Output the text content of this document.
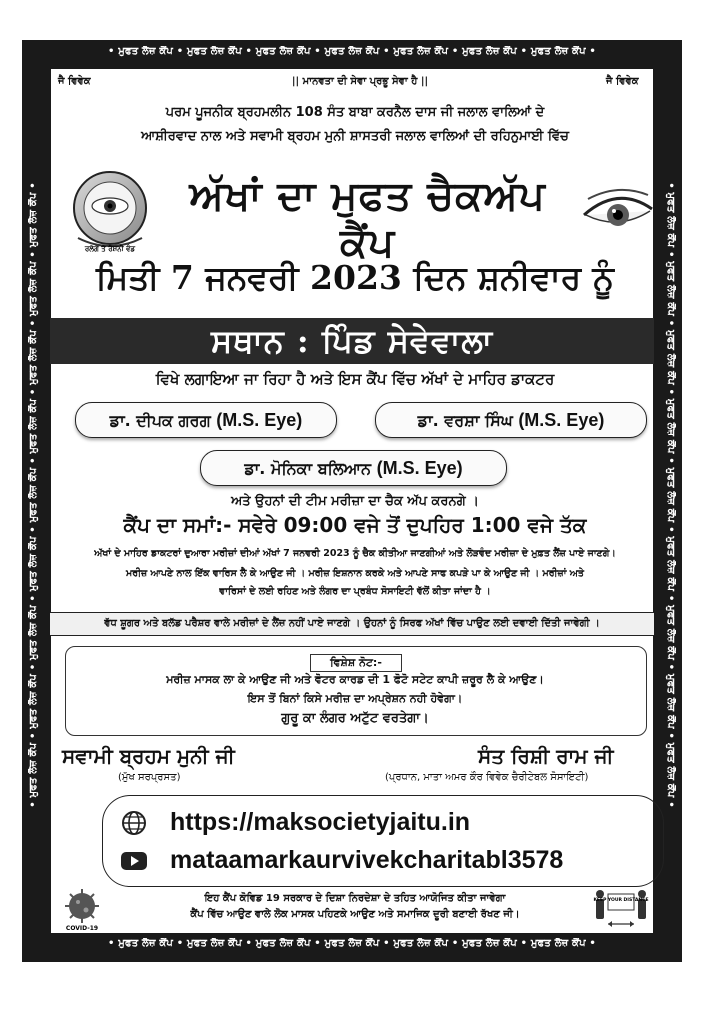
• ਮੁਫਤ ਲੈਜ਼ ਕੈਂਪ • ਮੁਫਤ ਲੈਜ਼ ਕੈਂਪ • ਮੁਫਤ ਲੈਜ਼ ਕੈਂਪ • ਮੁਫਤ ਲੈਜ਼ ਕੈਂਪ • ਮੁਫਤ ਲੈਜ਼ ਕੈਂਪ • ਮੁਫਤ ਲੈਜ਼ ਕੈਂਪ • ਮੁਫਤ ਲੈਜ਼ ਕੈਂਪ •
• ਮੁਫਤ ਲੈਜ਼ ਕੈਂਪ • ਮੁਫਤ ਲੈਜ਼ ਕੈਂਪ • ਮੁਫਤ ਲੈਜ਼ ਕੈਂਪ • ਮੁਫਤ ਲੈਜ਼ ਕੈਂਪ • ਮੁਫਤ ਲੈਜ਼ ਕੈਂਪ • ਮੁਫਤ ਲੈਜ਼ ਕੈਂਪ • ਮੁਫਤ ਲੈਜ਼ ਕੈਂਪ •
• ਮੁਫਤ ਲੈਜ਼ ਕੈਂਪ • ਮੁਫਤ ਲੈਜ਼ ਕੈਂਪ • ਮੁਫਤ ਲੈਜ਼ ਕੈਂਪ • ਮੁਫਤ ਲੈਜ਼ ਕੈਂਪ • ਮੁਫਤ ਲੈਜ਼ ਕੈਂਪ • ਮੁਫਤ ਲੈਜ਼ ਕੈਂਪ • ਮੁਫਤ ਲੈਜ਼ ਕੈਂਪ • ਮੁਫਤ ਲੈਜ਼ ਕੈਂਪ • ਮੁਫਤ ਲੈਜ਼ ਕੈਂਪ •	• ਮੁਫਤ ਲੈਜ਼ ਕੈਂਪ • ਮੁਫਤ ਲੈਜ਼ ਕੈਂਪ • ਮੁਫਤ ਲੈਜ਼ ਕੈਂਪ • ਮੁਫਤ ਲੈਜ਼ ਕੈਂਪ • ਮੁਫਤ ਲੈਜ਼ ਕੈਂਪ • ਮੁਫਤ ਲੈਜ਼ ਕੈਂਪ • ਮੁਫਤ ਲੈਜ਼ ਕੈਂਪ • ਮੁਫਤ ਲੈਜ਼ ਕੈਂਪ • ਮੁਫਤ ਲੈਜ਼ ਕੈਂਪ •
ਜੈ ਵਿਵੇਕ	|| ਮਾਨਵਤਾ ਦੀ ਸੇਵਾ ਪ੍ਰਭੂ ਸੇਵਾ ਹੈ ||	ਜੈ ਵਿਵੇਕ
ਪਰਮ ਪੂਜਨੀਕ ਬ੍ਰਹਮਲੀਨ 108 ਸੰਤ ਬਾਬਾ ਕਰਨੈਲ ਦਾਸ ਜੀ ਜਲਾਲ ਵਾਲਿਆਂ ਦੇ
ਆਸ਼ੀਰਵਾਦ ਨਾਲ ਅਤੇ ਸਵਾਮੀ ਬ੍ਰਹਮ ਮੁਨੀ ਸ਼ਾਸਤਰੀ ਜਲਾਲ ਵਾਲਿਆਂ ਦੀ ਰਹਿਨੁਮਾਈ ਵਿੱਚ
ਰਲੇਗੇ ਤੇ ਰੋਸ਼ਨੀ ਵੰਡ
ਅੱਖਾਂ ਦਾ ਮੁਫਤ ਚੈਕਅੱਪ ਕੈਂਪ
ਮਿਤੀ 7 ਜਨਵਰੀ 2023 ਦਿਨ ਸ਼ਨੀਵਾਰ ਨੂੰ
ਸਥਾਨ : ਪਿੰਡ ਸੇਵੇਵਾਲਾ
ਵਿਖੇ ਲਗਾਇਆ ਜਾ ਰਿਹਾ ਹੈ ਅਤੇ ਇਸ ਕੈਂਪ ਵਿੱਚ ਅੱਖਾਂ ਦੇ ਮਾਹਿਰ ਡਾਕਟਰ
ਡਾ. ਦੀਪਕ ਗਰਗ (M.S. Eye)	ਡਾ. ਵਰਸ਼ਾ ਸਿੰਘ (M.S. Eye)
ਡਾ. ਮੋਨਿਕਾ ਬਲਿਆਨ (M.S. Eye)
ਅਤੇ ਉਹਨਾਂ ਦੀ ਟੀਮ ਮਰੀਜ਼ਾ ਦਾ ਚੈਕ ਅੱਪ ਕਰਨਗੇ ।
ਕੈਂਪ ਦਾ ਸਮਾਂ:- ਸਵੇਰੇ 09:00 ਵਜੇ ਤੋਂ ਦੁਪਹਿਰ 1:00 ਵਜੇ ਤੱਕ
ਅੱਖਾਂ ਦੇ ਮਾਹਿਰ ਡਾਕਟਰਾਂ ਦੁਆਰਾ ਮਰੀਜ਼ਾਂ ਦੀਆਂ ਅੱਖਾਂ 7 ਜਨਵਰੀ 2023 ਨੂੰ ਚੈਕ ਕੀਤੀਆ ਜਾਣਗੀਆਂ ਅਤੇ ਲੋੜਵੰਦ ਮਰੀਜ਼ਾ ਦੇ ਮੁਫ਼ਤ ਲੈਂਜ਼ ਪਾਏ ਜਾਣਗੇ।
ਮਰੀਜ਼ ਆਪਣੇ ਨਾਲ ਇੱਕ ਵਾਰਿਸ ਲੈ ਕੇ ਆਉਣ ਜੀ । ਮਰੀਜ਼ ਇਸ਼ਨਾਨ ਕਰਕੇ ਅਤੇ ਆਪਣੇ ਸਾਫ ਕਪੜੇ ਪਾ ਕੇ ਆਉਣ ਜੀ । ਮਰੀਜ਼ਾਂ ਅਤੇ
ਵਾਰਿਸਾਂ ਦੇ ਲਈ ਰਹਿਣ ਅਤੇ ਲੰਗਰ ਦਾ ਪ੍ਰਬੰਧ ਸੋਸਾਇਟੀ ਵੱਲੋਂ ਕੀਤਾ ਜਾਂਦਾ ਹੈ ।
ਵੱਧ ਸ਼ੂਗਰ ਅਤੇ ਬਲੱਡ ਪਰੈਸ਼ਰ ਵਾਲੇ ਮਰੀਜ਼ਾਂ ਦੇ ਲੈਂਜ਼ ਨਹੀਂ ਪਾਏ ਜਾਣਗੇ । ਉਹਨਾਂ ਨੂੰ ਸਿਰਫ ਅੱਖਾਂ ਵਿੱਚ ਪਾਉਣ ਲਈ ਦਵਾਈ ਦਿੱਤੀ ਜਾਵੇਗੀ ।
ਵਿਸ਼ੇਸ਼ ਨੋਟ:-
ਮਰੀਜ਼ ਮਾਸਕ ਲਾ ਕੇ ਆਉਣ ਜੀ ਅਤੇ ਵੋਟਰ ਕਾਰਡ ਦੀ 1 ਫੋਟੋ ਸਟੇਟ ਕਾਪੀ ਜ਼ਰੂਰ ਲੈ ਕੇ ਆਉਣ।
ਇਸ ਤੋਂ ਬਿਨਾਂ ਕਿਸੇ ਮਰੀਜ਼ ਦਾ ਅਪ੍ਰੇਸ਼ਨ ਨਹੀ ਹੋਵੇਗਾ।
ਗੁਰੂ ਕਾ ਲੰਗਰ ਅਟੁੱਟ ਵਰਤੇਗਾ।
ਸਵਾਮੀ ਬ੍ਰਹਮ ਮੁਨੀ ਜੀ
(ਮੁੱਖ ਸਰਪ੍ਰਸਤ)
ਸੰਤ ਰਿਸ਼ੀ ਰਾਮ ਜੀ
(ਪ੍ਰਧਾਨ, ਮਾਤਾ ਅਮਰ ਕੌਰ ਵਿਵੇਕ ਚੈਰੀਟੇਬਲ ਸੋਸਾਇਟੀ)
https://maksocietyjaitu.in
mataamarkaurvivekcharitabl3578
COVID-19
ਇਹ ਕੈਂਪ ਕੋਵਿਡ 19 ਸਰਕਾਰ ਦੇ ਦਿਸ਼ਾ ਨਿਰਦੇਸ਼ਾ ਦੇ ਤਹਿਤ ਆਯੋਜਿਤ ਕੀਤਾ ਜਾਵੇਗਾ
ਕੈਂਪ ਵਿੱਚ ਆਉਣ ਵਾਲੇ ਲੋਕ ਮਾਸਕ ਪਹਿਣਕੇ ਆਉਣ ਅਤੇ ਸਮਾਜਿਕ ਦੂਰੀ ਬਣਾਈ ਰੱਖਣ ਜੀ।
KEEP YOUR DISTANCE
